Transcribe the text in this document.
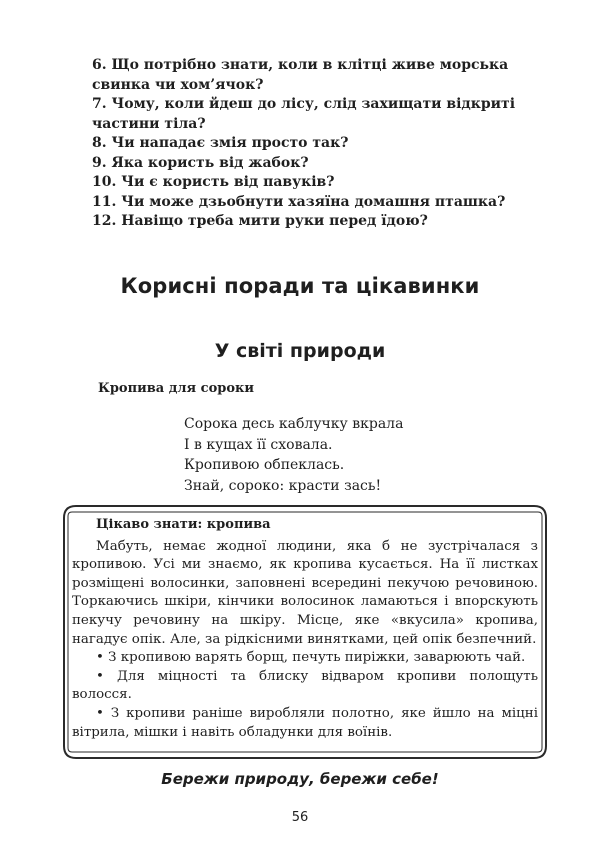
6. Що потрібно знати, коли в клітці живе морська свинка чи хом’ячок?

7. Чому, коли йдеш до лісу, слід захищати відкриті частини тіла?

8. Чи нападає змія просто так?

9. Яка користь від жабок?

10. Чи є користь від павуків?

11. Чи може дзьобнути хазяїна домашня пташка?

12. Навіщо треба мити руки перед їдою?

Корисні поради та цікавинки
У світі природи
Кропива для сороки

Сорока десь каблучку вкрала

І в кущах її сховала.

Кропивою обпеклась.

Знай, сороко: красти зась!

Цікаво знати: кропива

Мабуть, немає жодної людини, яка б не зустрічалася з кропивою. Усі ми знаємо, як кропива кусається. На її листках розміщені волосинки, заповнені всередині пекучою речовиною. Торкаючись шкіри, кінчики волосинок ламаються і впорскують пекучу речовину на шкіру. Місце, яке «вкусила» кропива, нагадує опік. Але, за рідкісними винятками, цей опік безпечний.

• З кропивою варять борщ, печуть пиріжки, заварюють чай.

• Для міцності та блиску відваром кропиви полощуть волосся.

• З кропиви раніше виробляли полотно, яке йшло на міцні вітрила, мішки і навіть обладунки для воїнів.

Бережи природу, бережи себе!
56
